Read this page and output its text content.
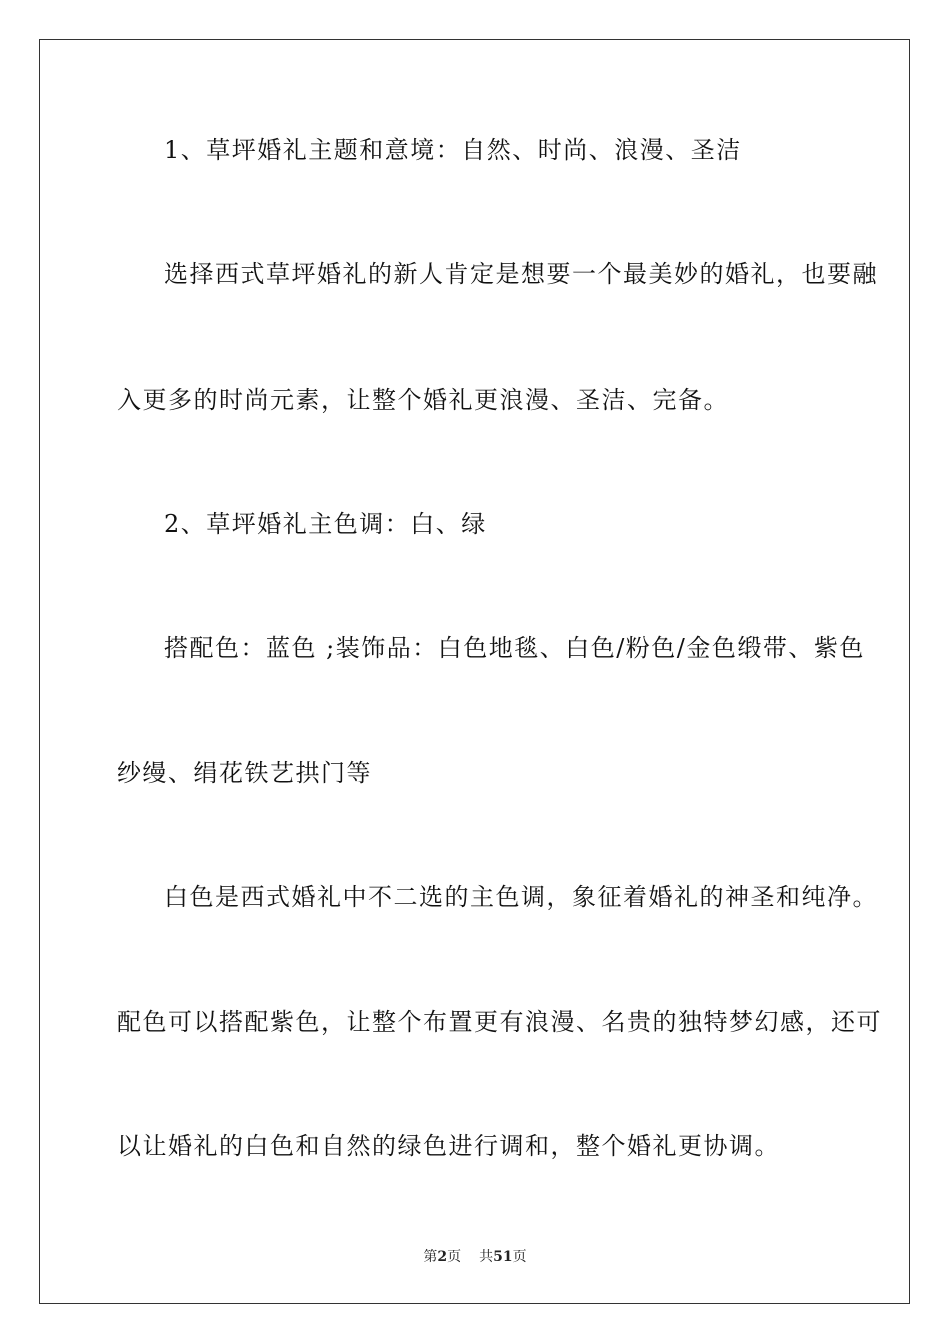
1、草坪婚礼主题和意境：自然、时尚、浪漫、圣洁
选择西式草坪婚礼的新人肯定是想要一个最美妙的婚礼，也要融
入更多的时尚元素，让整个婚礼更浪漫、圣洁、完备。
2、草坪婚礼主色调：白、绿
搭配色：蓝色 ;装饰品：白色地毯、白色/粉色/金色缎带、紫色
纱缦、绢花铁艺拱门等
白色是西式婚礼中不二选的主色调，象征着婚礼的神圣和纯净。
配色可以搭配紫色，让整个布置更有浪漫、名贵的独特梦幻感，还可
以让婚礼的白色和自然的绿色进行调和，整个婚礼更协调。
第2页 共51页
